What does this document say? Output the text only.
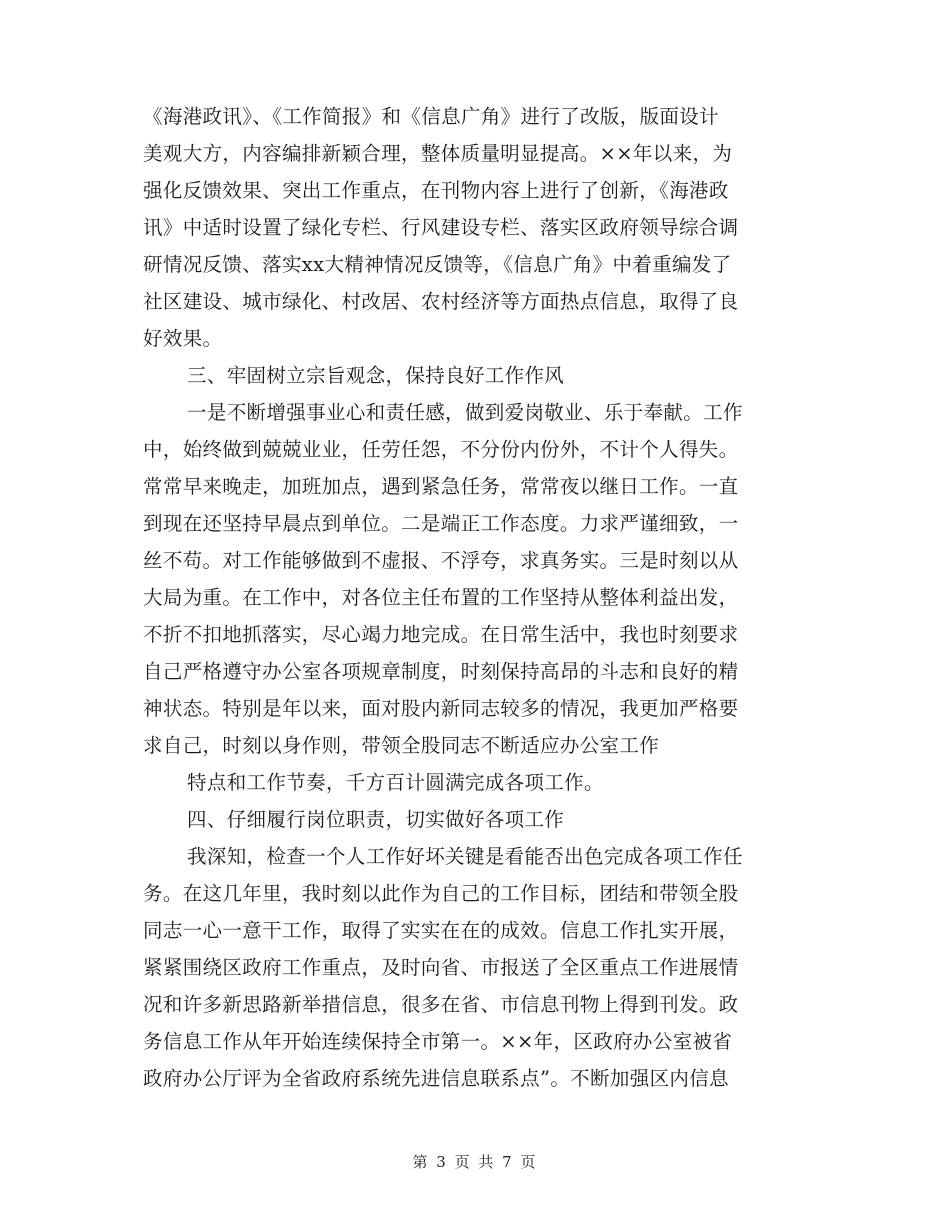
《海港政讯》、《工作简报》和《信息广角》进行了改版，版面设计
美观大方，内容编排新颖合理，整体质量明显提高。××年以来，为
强化反馈效果、突出工作重点，在刊物内容上进行了创新，《海港政
讯》中适时设置了绿化专栏、行风建设专栏、落实区政府领导综合调
研情况反馈、落实xx大精神情况反馈等，《信息广角》中着重编发了
社区建设、城市绿化、村改居、农村经济等方面热点信息，取得了良
好效果。
三、牢固树立宗旨观念，保持良好工作作风
一是不断增强事业心和责任感，做到爱岗敬业、乐于奉献。工作
中，始终做到兢兢业业，任劳任怨，不分份内份外，不计个人得失。
常常早来晚走，加班加点，遇到紧急任务，常常夜以继日工作。一直
到现在还坚持早晨点到单位。二是端正工作态度。力求严谨细致，一
丝不苟。对工作能够做到不虚报、不浮夸，求真务实。三是时刻以从
大局为重。在工作中，对各位主任布置的工作坚持从整体利益出发，
不折不扣地抓落实，尽心竭力地完成。在日常生活中，我也时刻要求
自己严格遵守办公室各项规章制度，时刻保持高昂的斗志和良好的精
神状态。特别是年以来，面对股内新同志较多的情况，我更加严格要
求自己，时刻以身作则，带领全股同志不断适应办公室工作
特点和工作节奏，千方百计圆满完成各项工作。
四、仔细履行岗位职责，切实做好各项工作
我深知，检查一个人工作好坏关键是看能否出色完成各项工作任
务。在这几年里，我时刻以此作为自己的工作目标，团结和带领全股
同志一心一意干工作，取得了实实在在的成效。信息工作扎实开展，
紧紧围绕区政府工作重点，及时向省、市报送了全区重点工作进展情
况和许多新思路新举措信息，很多在省、市信息刊物上得到刊发。政
务信息工作从年开始连续保持全市第一。××年，区政府办公室被省
政府办公厅评为全省政府系统先进信息联系点”。不断加强区内信息
第 3 页 共 7 页
